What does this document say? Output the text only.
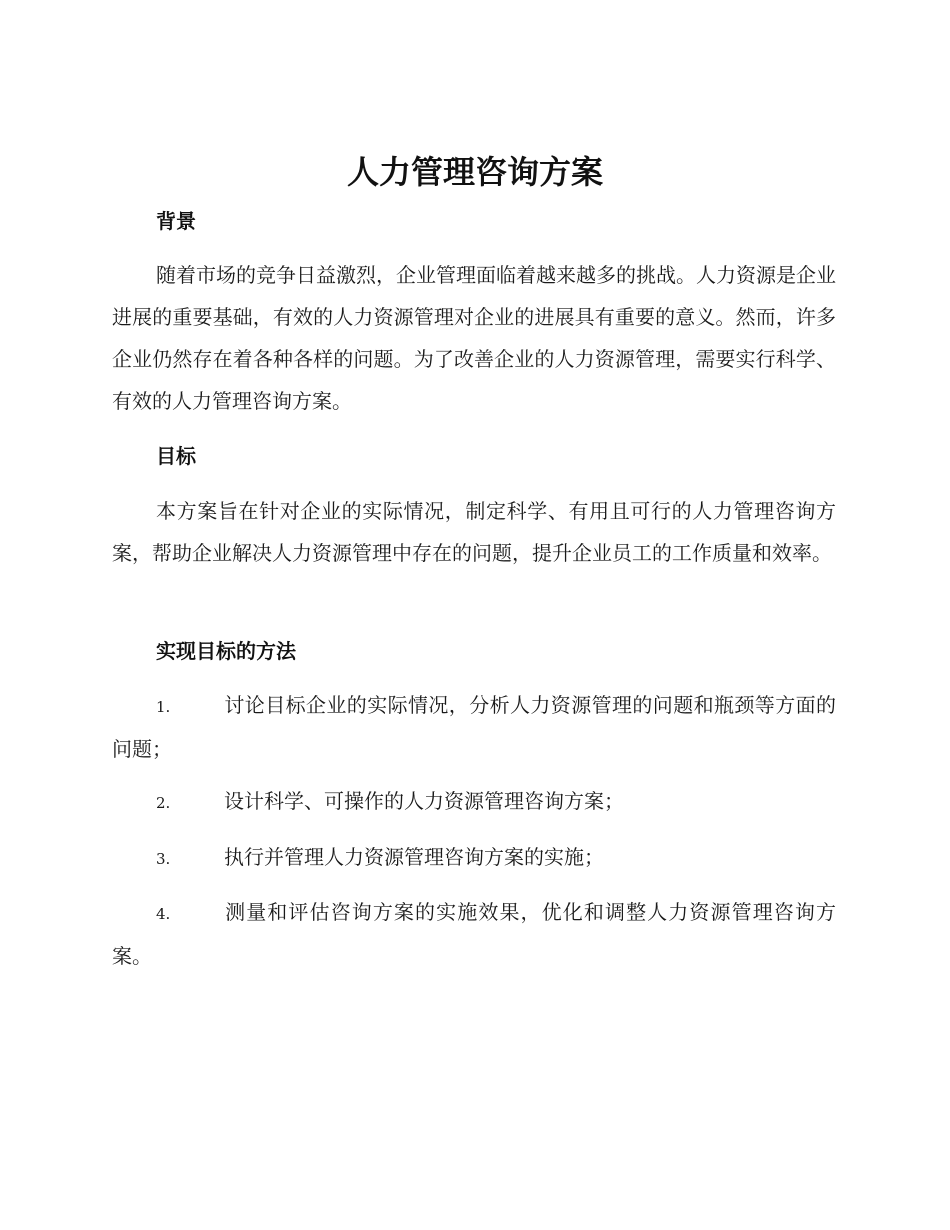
人力管理咨询方案
背景

随着市场的竞争日益激烈，企业管理面临着越来越多的挑战。人力资源是企业进展的重要基础，有效的人力资源管理对企业的进展具有重要的意义。然而，许多企业仍然存在着各种各样的问题。为了改善企业的人力资源管理，需要实行科学、有效的人力管理咨询方案。

目标

本方案旨在针对企业的实际情况，制定科学、有用且可行的人力管理咨询方案，帮助企业解决人力资源管理中存在的问题，提升企业员工的工作质量和效率。

实现目标的方法

1.	讨论目标企业的实际情况，分析人力资源管理的问题和瓶颈等方面的问题；

2.	设计科学、可操作的人力资源管理咨询方案；

3.	执行并管理人力资源管理咨询方案的实施；

4.	测量和评估咨询方案的实施效果，优化和调整人力资源管理咨询方案。
